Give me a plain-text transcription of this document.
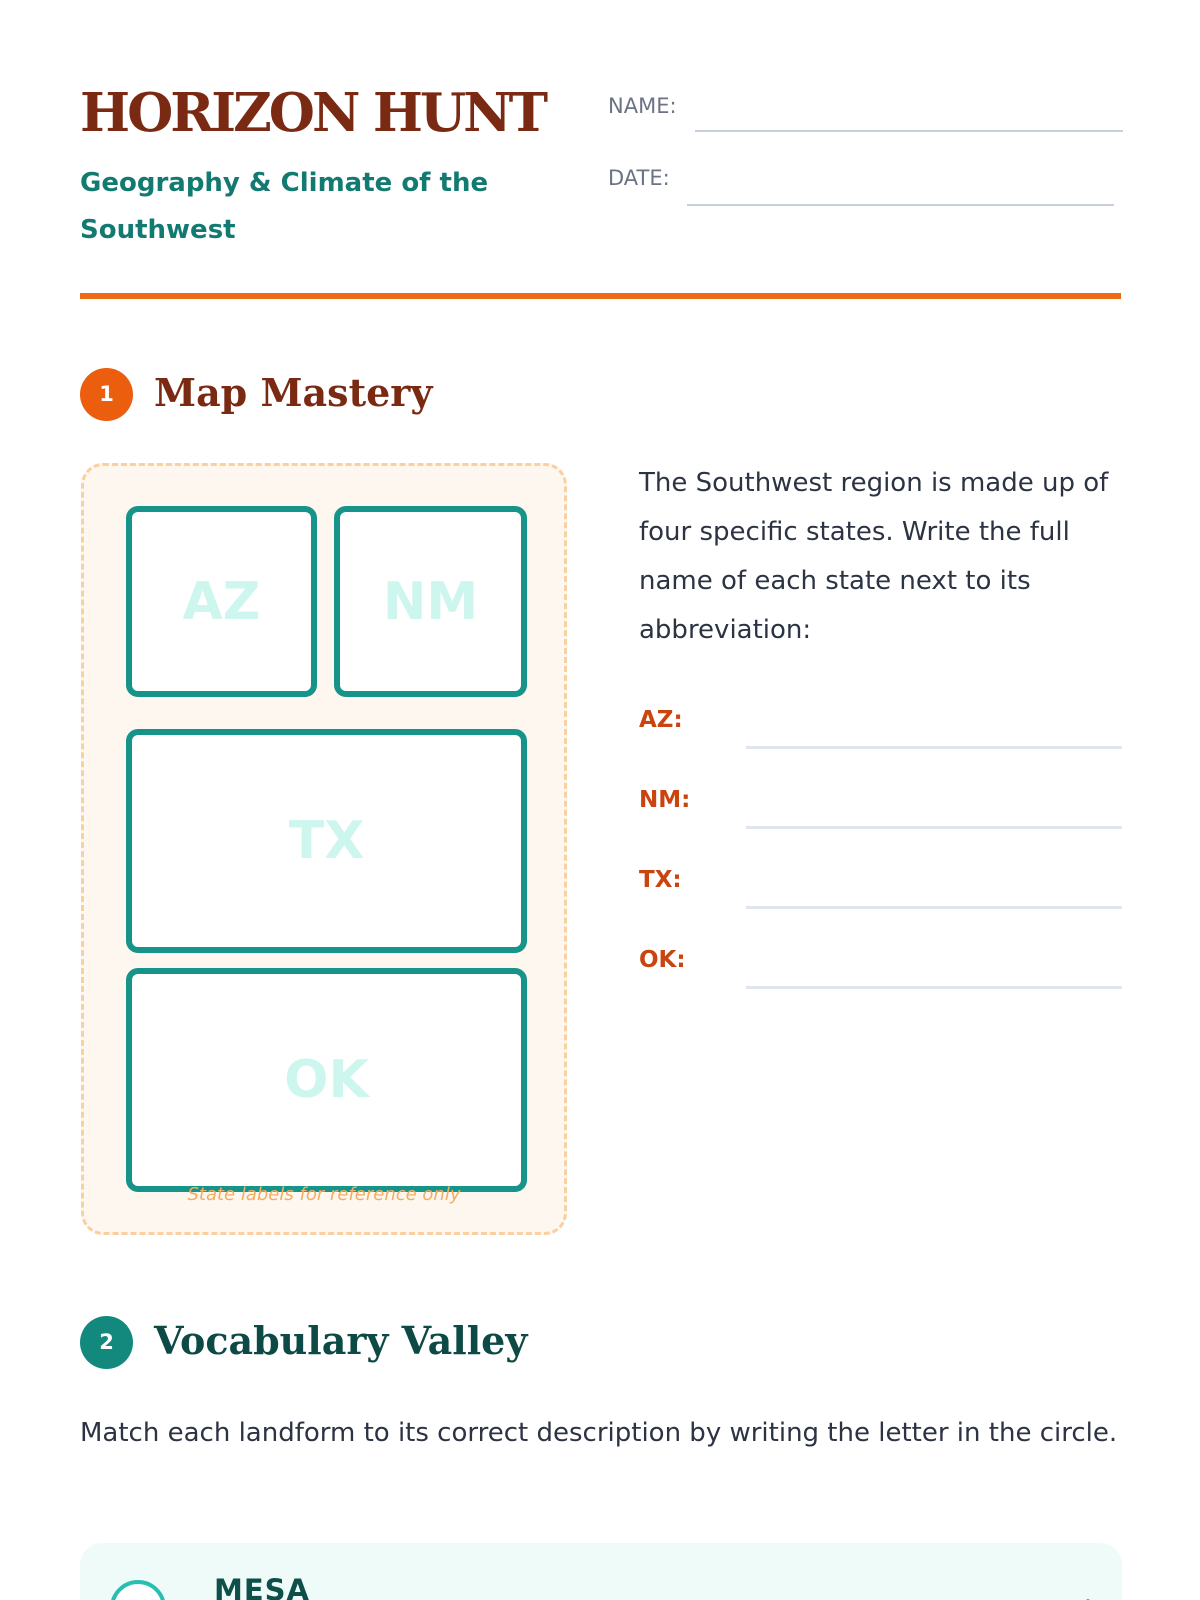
HORIZON HUNT

Geography & Climate of the Southwest

NAME:
DATE:
1	Map Mastery
AZ NM
TX
OK
State labels for reference only

The Southwest region is made up of four specific states. Write the full name of each state next to its abbreviation:

AZ:
NM:
TX:
OK:
2	Vocabulary Valley

Match each landform to its correct description by writing the letter in the circle.

MESA
